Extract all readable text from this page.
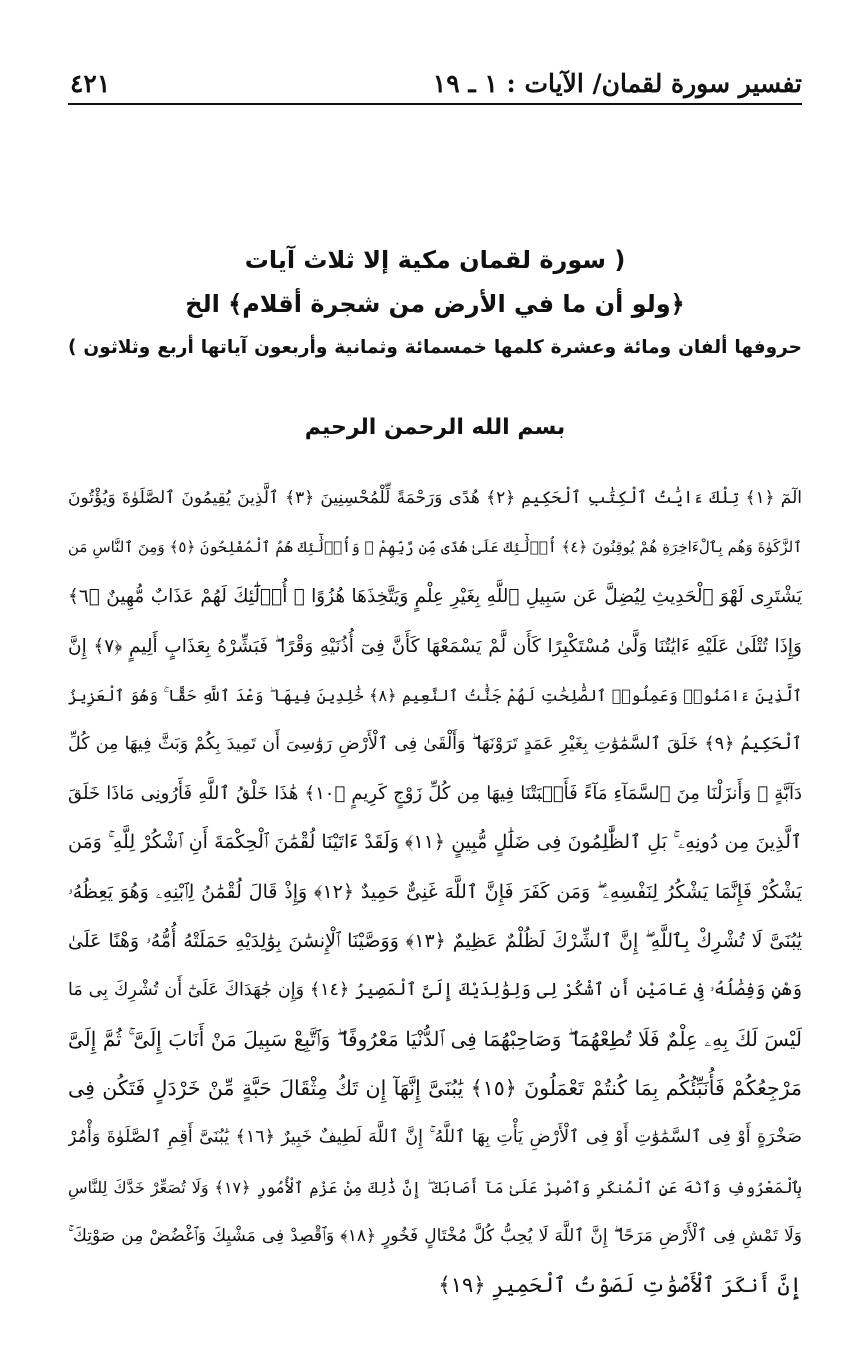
تفسير سورة لقمان/ الآيات : ١ ـ ١٩
٤٢١
( سورة لقمان مكية إلا ثلاث آيات
﴿ولو أن ما في الأرض من شجرة أقلام﴾ الخ
حروفها ألفان ومائة وعشرة كلمها خمسمائة وثمانية وأربعون آياتها أربع وثلاثون )
بسم الله الرحمن الرحيم
الٓمٓ ﴿١﴾ تِلْكَ ءَايَٰتُ ٱلْكِتَٰبِ ٱلْحَكِيمِ ﴿٢﴾ هُدًى وَرَحْمَةً لِّلْمُحْسِنِينَ ﴿٣﴾ ٱلَّذِينَ يُقِيمُونَ ٱلصَّلَوٰةَ وَيُؤْتُونَ
ٱلزَّكَوٰةَ وَهُم بِٱلْءَاخِرَةِ هُمْ يُوقِنُونَ ﴿٤﴾ أُو۟لَٰٓئِكَ عَلَىٰ هُدًى مِّن رَّبِّهِمْ ۖ وَأُو۟لَٰٓئِكَ هُمُ ٱلْمُفْلِحُونَ ﴿٥﴾ وَمِنَ ٱلنَّاسِ مَن
يَشْتَرِى لَهْوَ ٱلْحَدِيثِ لِيُضِلَّ عَن سَبِيلِ ٱللَّهِ بِغَيْرِ عِلْمٍ وَيَتَّخِذَهَا هُزُوًا ۚ أُو۟لَٰٓئِكَ لَهُمْ عَذَابٌ مُّهِينٌ ﴿٦﴾
وَإِذَا تُتْلَىٰ عَلَيْهِ ءَايَٰتُنَا وَلَّىٰ مُسْتَكْبِرًا كَأَن لَّمْ يَسْمَعْهَا كَأَنَّ فِىٓ أُذُنَيْهِ وَقْرًا ۖ فَبَشِّرْهُ بِعَذَابٍ أَلِيمٍ ﴿٧﴾ إِنَّ
ٱلَّذِينَ ءَامَنُوا۟ وَعَمِلُوا۟ ٱلصَّٰلِحَٰتِ لَهُمْ جَنَّٰتُ ٱلنَّعِيمِ ﴿٨﴾ خَٰلِدِينَ فِيهَا ۖ وَعْدَ ٱللَّهِ حَقًّا ۚ وَهُوَ ٱلْعَزِيزُ
ٱلْحَكِيمُ ﴿٩﴾ خَلَقَ ٱلسَّمَٰوَٰتِ بِغَيْرِ عَمَدٍ تَرَوْنَهَا ۖ وَأَلْقَىٰ فِى ٱلْأَرْضِ رَوَٰسِىَ أَن تَمِيدَ بِكُمْ وَبَثَّ فِيهَا مِن كُلِّ
دَآبَّةٍ ۚ وَأَنزَلْنَا مِنَ ٱلسَّمَآءِ مَآءً فَأَنۢبَتْنَا فِيهَا مِن كُلِّ زَوْجٍ كَرِيمٍ ﴿١٠﴾ هَٰذَا خَلْقُ ٱللَّهِ فَأَرُونِى مَاذَا خَلَقَ
ٱلَّذِينَ مِن دُونِهِۦ ۚ بَلِ ٱلظَّٰلِمُونَ فِى ضَلَٰلٍ مُّبِينٍ ﴿١١﴾ وَلَقَدْ ءَاتَيْنَا لُقْمَٰنَ ٱلْحِكْمَةَ أَنِ ٱشْكُرْ لِلَّهِ ۚ وَمَن
يَشْكُرْ فَإِنَّمَا يَشْكُرُ لِنَفْسِهِۦ ۖ وَمَن كَفَرَ فَإِنَّ ٱللَّهَ غَنِىٌّ حَمِيدٌ ﴿١٢﴾ وَإِذْ قَالَ لُقْمَٰنُ لِٱبْنِهِۦ وَهُوَ يَعِظُهُۥ
يَٰبُنَىَّ لَا تُشْرِكْ بِٱللَّهِ ۖ إِنَّ ٱلشِّرْكَ لَظُلْمٌ عَظِيمٌ ﴿١٣﴾ وَوَصَّيْنَا ٱلْإِنسَٰنَ بِوَٰلِدَيْهِ حَمَلَتْهُ أُمُّهُۥ وَهْنًا عَلَىٰ
وَهْنٍ وَفِصَٰلُهُۥ فِى عَامَيْنِ أَنِ ٱشْكُرْ لِى وَلِوَٰلِدَيْكَ إِلَىَّ ٱلْمَصِيرُ ﴿١٤﴾ وَإِن جَٰهَدَاكَ عَلَىٰٓ أَن تُشْرِكَ بِى مَا
لَيْسَ لَكَ بِهِۦ عِلْمٌ فَلَا تُطِعْهُمَا ۖ وَصَاحِبْهُمَا فِى ٱلدُّنْيَا مَعْرُوفًا ۖ وَٱتَّبِعْ سَبِيلَ مَنْ أَنَابَ إِلَىَّ ۚ ثُمَّ إِلَىَّ
مَرْجِعُكُمْ فَأُنَبِّئُكُم بِمَا كُنتُمْ تَعْمَلُونَ ﴿١٥﴾ يَٰبُنَىَّ إِنَّهَآ إِن تَكُ مِثْقَالَ حَبَّةٍ مِّنْ خَرْدَلٍ فَتَكُن فِى
صَخْرَةٍ أَوْ فِى ٱلسَّمَٰوَٰتِ أَوْ فِى ٱلْأَرْضِ يَأْتِ بِهَا ٱللَّهُ ۚ إِنَّ ٱللَّهَ لَطِيفٌ خَبِيرٌ ﴿١٦﴾ يَٰبُنَىَّ أَقِمِ ٱلصَّلَوٰةَ وَأْمُرْ
بِٱلْمَعْرُوفِ وَٱنْهَ عَنِ ٱلْمُنكَرِ وَٱصْبِرْ عَلَىٰ مَآ أَصَابَكَ ۖ إِنَّ ذَٰلِكَ مِنْ عَزْمِ ٱلْأُمُورِ ﴿١٧﴾ وَلَا تُصَعِّرْ خَدَّكَ لِلنَّاسِ
وَلَا تَمْشِ فِى ٱلْأَرْضِ مَرَحًا ۖ إِنَّ ٱللَّهَ لَا يُحِبُّ كُلَّ مُخْتَالٍ فَخُورٍ ﴿١٨﴾ وَٱقْصِدْ فِى مَشْيِكَ وَٱغْضُضْ مِن صَوْتِكَ ۚ
إِنَّ أَنكَرَ ٱلْأَصْوَٰتِ لَصَوْتُ ٱلْحَمِيرِ ﴿١٩﴾
